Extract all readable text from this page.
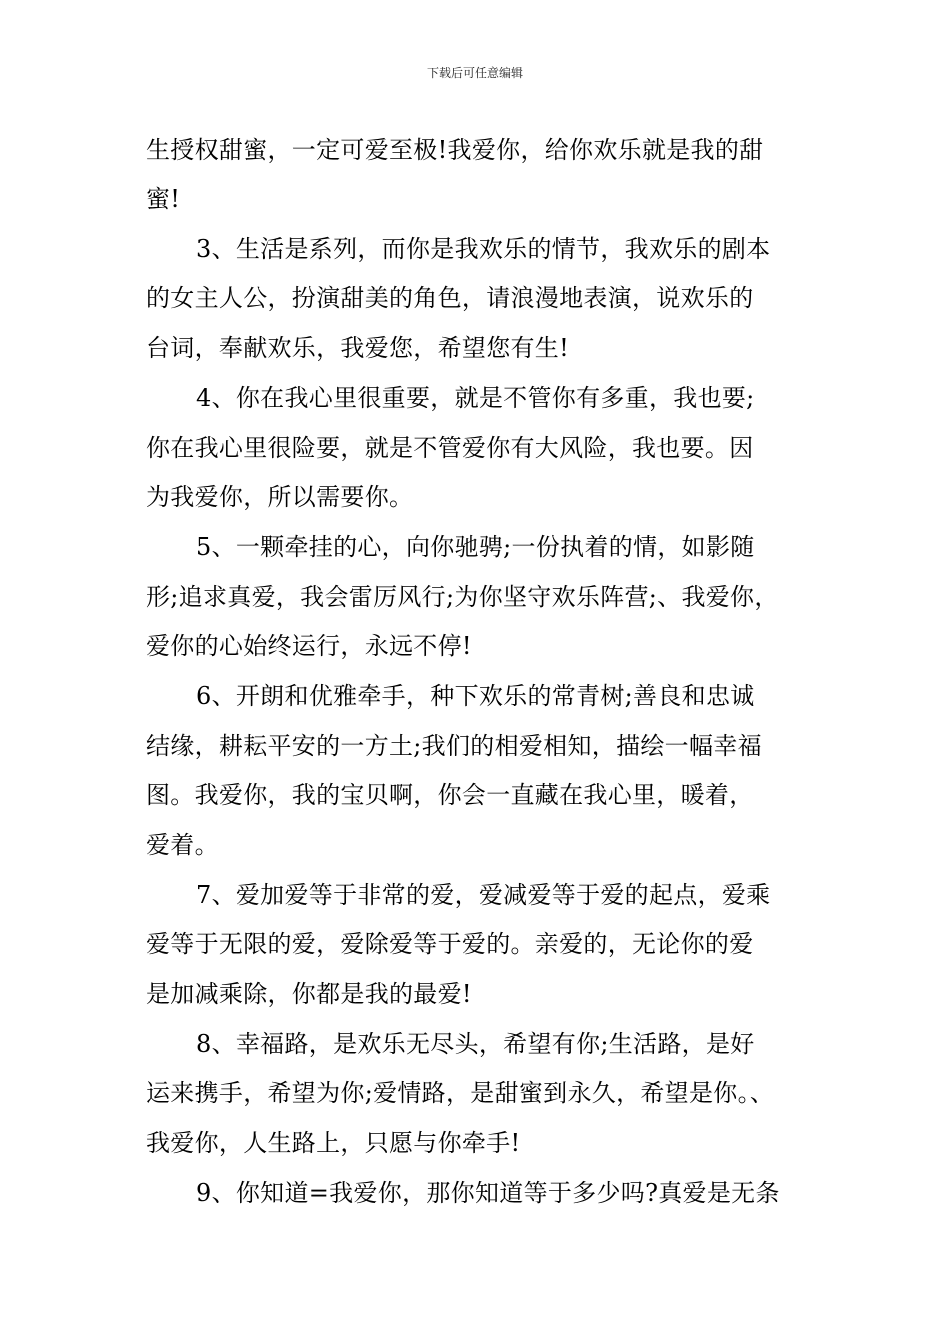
下载后可任意编辑
生授权甜蜜，一定可爱至极!我爱你，给你欢乐就是我的甜
蜜!
3、生活是系列，而你是我欢乐的情节，我欢乐的剧本
的女主人公，扮演甜美的角色，请浪漫地表演，说欢乐的
台词，奉献欢乐，我爱您，希望您有生!
4、你在我心里很重要，就是不管你有多重，我也要;
你在我心里很险要，就是不管爱你有大风险，我也要。因
为我爱你，所以需要你。
5、一颗牵挂的心，向你驰骋;一份执着的情，如影随
形;追求真爱，我会雷厉风行;为你坚守欢乐阵营;、我爱你，
爱你的心始终运行，永远不停!
6、开朗和优雅牵手，种下欢乐的常青树;善良和忠诚
结缘，耕耘平安的一方土;我们的相爱相知，描绘一幅幸福
图。我爱你，我的宝贝啊，你会一直藏在我心里，暖着，
爱着。
7、爱加爱等于非常的爱，爱减爱等于爱的起点，爱乘
爱等于无限的爱，爱除爱等于爱的。亲爱的，无论你的爱
是加减乘除，你都是我的最爱!
8、幸福路，是欢乐无尽头，希望有你;生活路，是好
运来携手，希望为你;爱情路，是甜蜜到永久，希望是你。、
我爱你，人生路上，只愿与你牵手!
9、你知道=我爱你，那你知道等于多少吗?真爱是无条
